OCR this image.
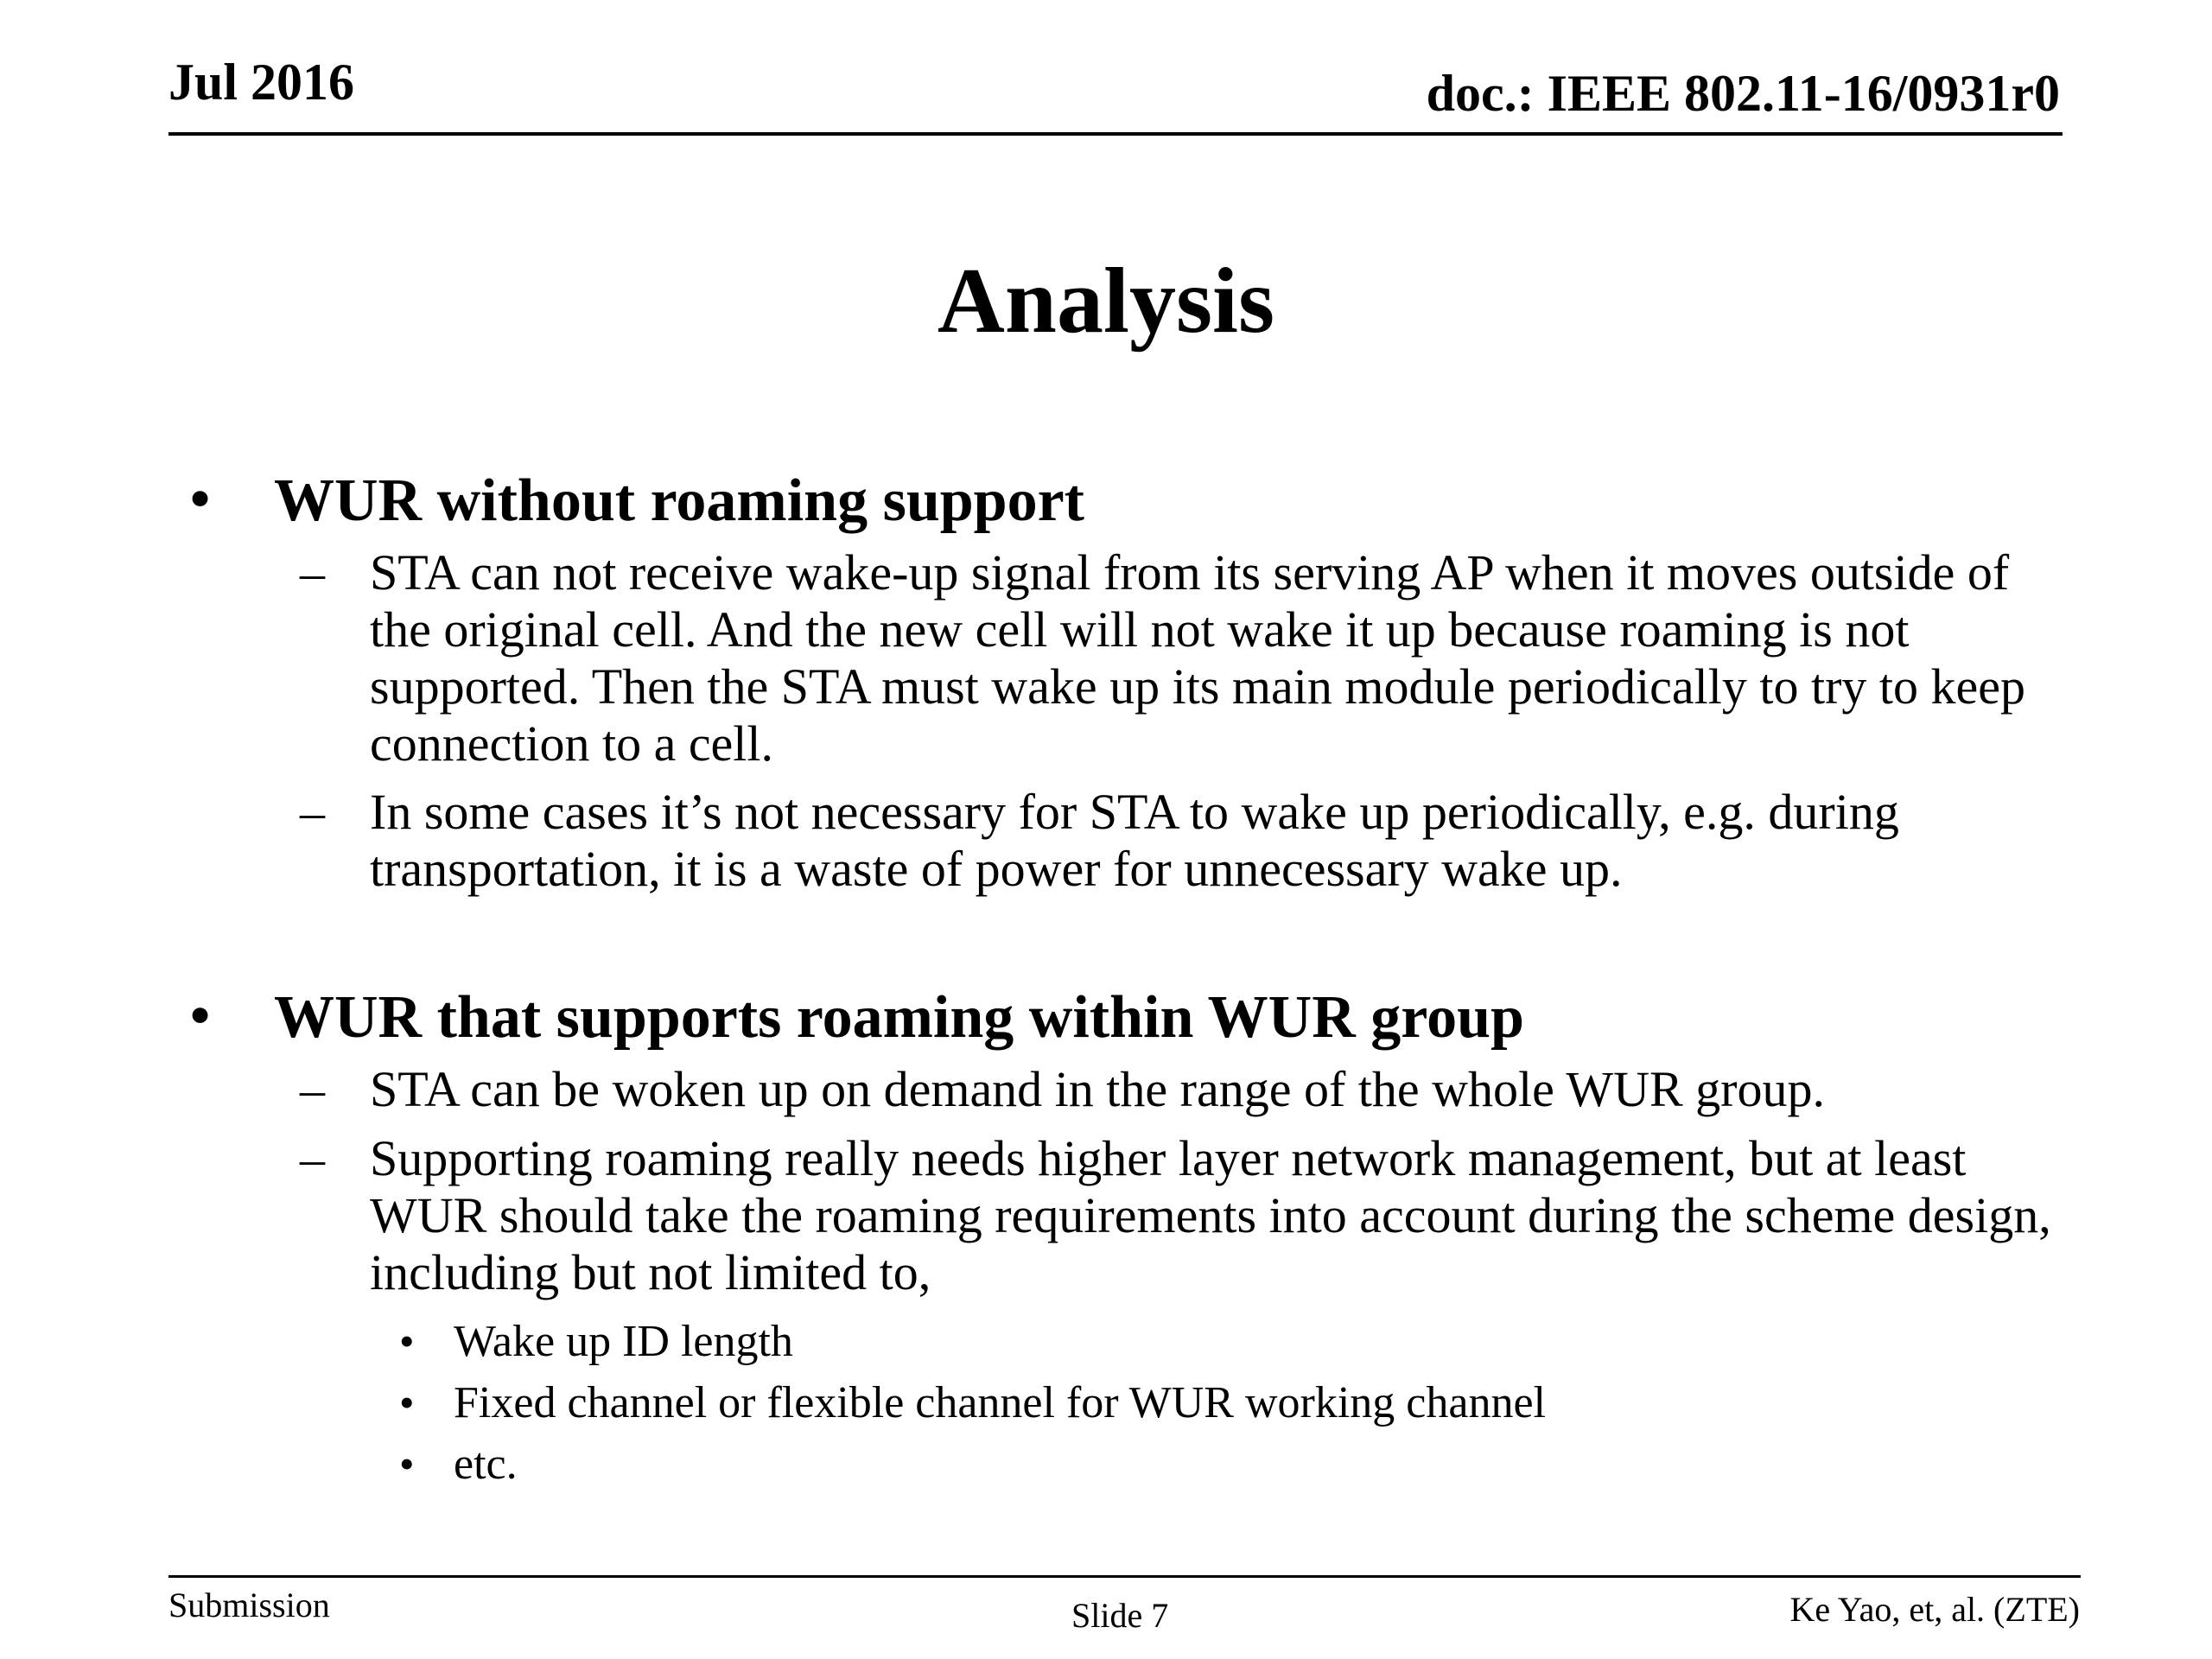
Jul 2016	doc.: IEEE 802.11-16/0931r0
Analysis
• WUR without roaming support
– STA can not receive wake-up signal from its serving AP when it moves outside of the original cell. And the new cell will not wake it up because roaming is not supported. Then the STA must wake up its main module periodically to try to keep connection to a cell.
– In some cases it’s not necessary for STA to wake up periodically, e.g. during transportation, it is a waste of power for unnecessary wake up.
• WUR that supports roaming within WUR group
– STA can be woken up on demand in the range of the whole WUR group.
– Supporting roaming really needs higher layer network management, but at least WUR should take the roaming requirements into account during the scheme design, including but not limited to,
• Wake up ID length
• Fixed channel or flexible channel for WUR working channel
• etc.
Submission	Slide 7	Ke Yao, et, al. (ZTE)
